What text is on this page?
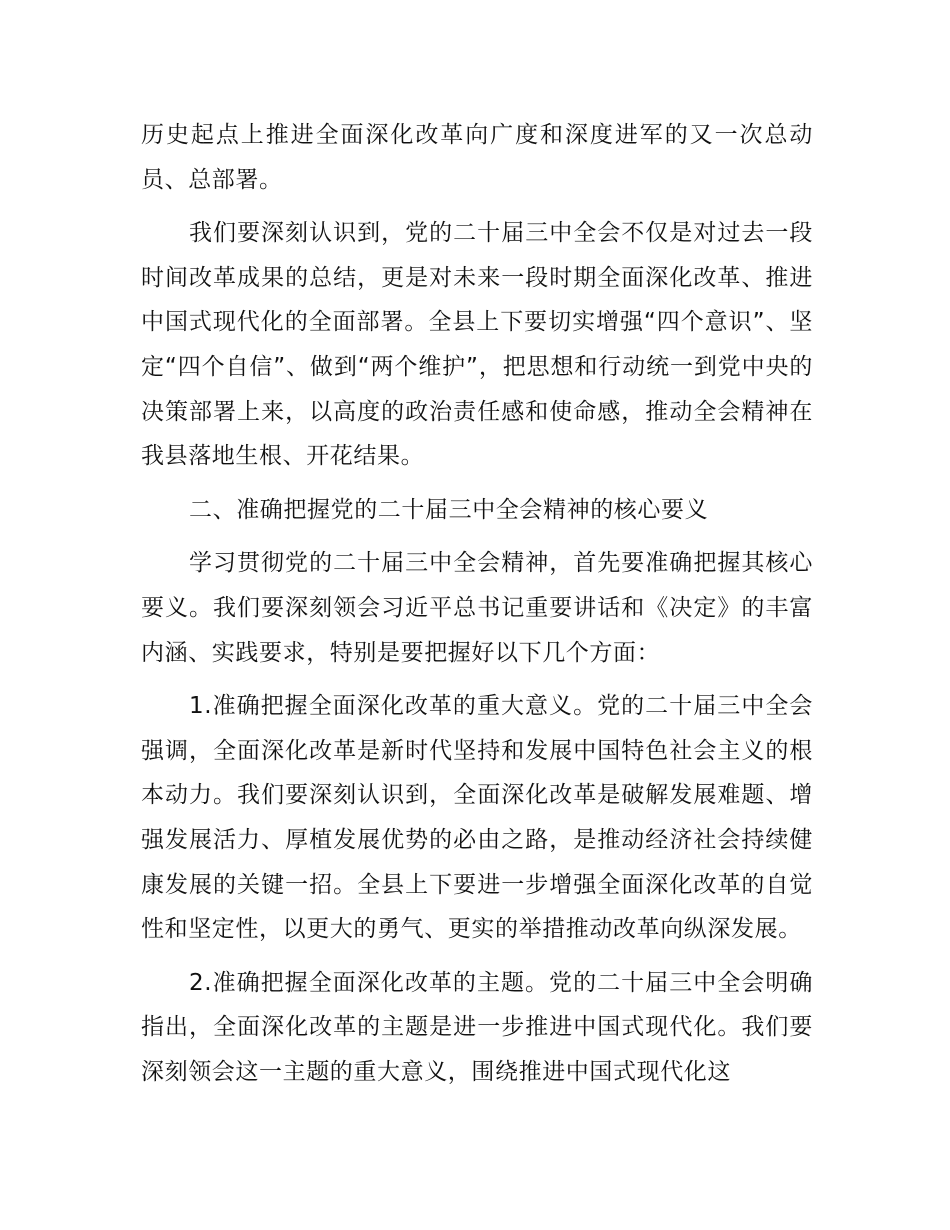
历史起点上推进全面深化改革向广度和深度进军的又一次总动员、总部署。

我们要深刻认识到，党的二十届三中全会不仅是对过去一段时间改革成果的总结，更是对未来一段时期全面深化改革、推进中国式现代化的全面部署。全县上下要切实增强“四个意识”、坚定“四个自信”、做到“两个维护”，把思想和行动统一到党中央的决策部署上来，以高度的政治责任感和使命感，推动全会精神在我县落地生根、开花结果。

二、准确把握党的二十届三中全会精神的核心要义

学习贯彻党的二十届三中全会精神，首先要准确把握其核心要义。我们要深刻领会习近平总书记重要讲话和《决定》的丰富内涵、实践要求，特别是要把握好以下几个方面：

1.准确把握全面深化改革的重大意义。党的二十届三中全会强调，全面深化改革是新时代坚持和发展中国特色社会主义的根本动力。我们要深刻认识到，全面深化改革是破解发展难题、增强发展活力、厚植发展优势的必由之路，是推动经济社会持续健康发展的关键一招。全县上下要进一步增强全面深化改革的自觉性和坚定性，以更大的勇气、更实的举措推动改革向纵深发展。

2.准确把握全面深化改革的主题。党的二十届三中全会明确指出，全面深化改革的主题是进一步推进中国式现代化。我们要深刻领会这一主题的重大意义，围绕推进中国式现代化这
